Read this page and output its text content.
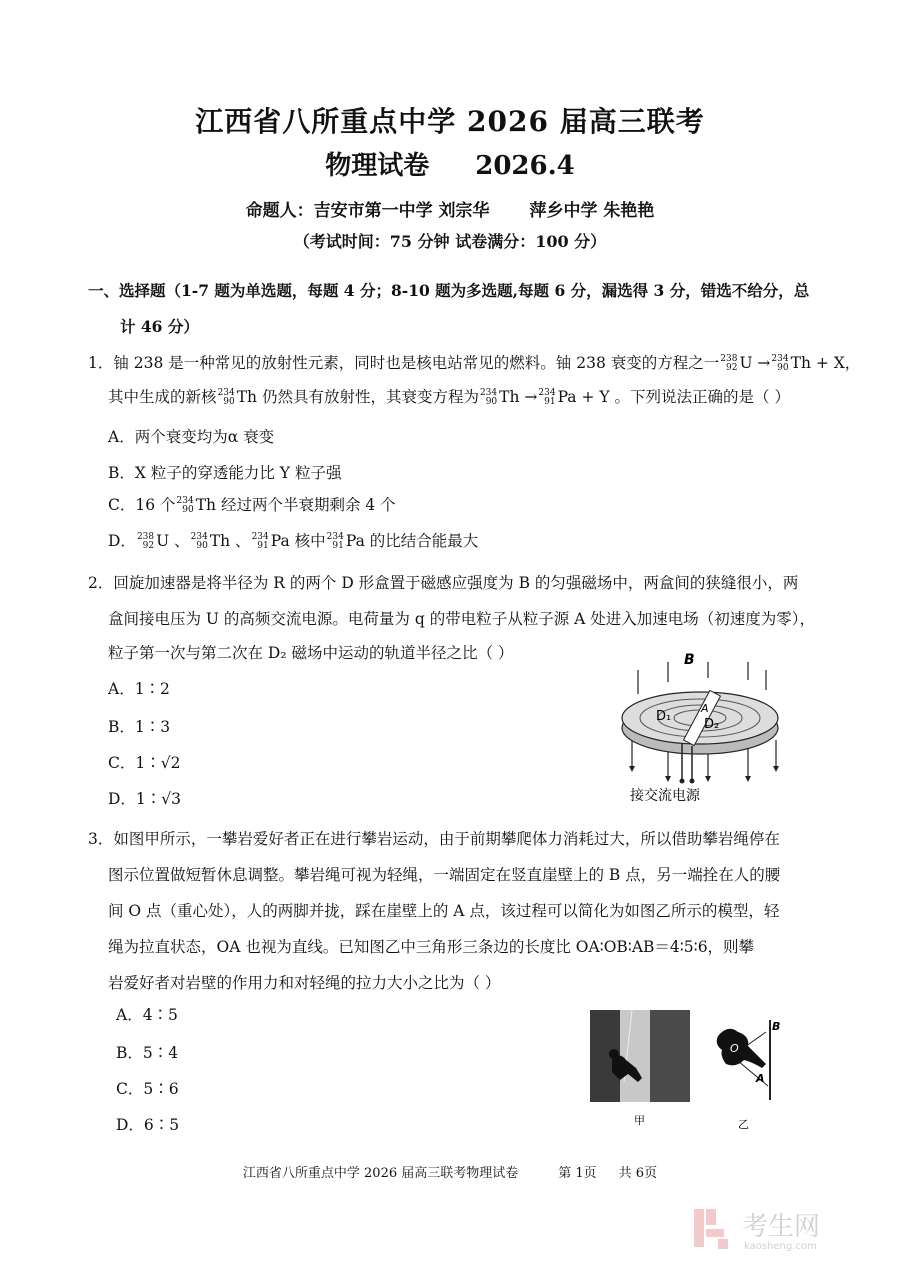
江西省八所重点中学 2026 届高三联考
物理试卷 2026.4
命题人：吉安市第一中学 刘宗华 萍乡中学 朱艳艳
（考试时间：75 分钟 试卷满分：100 分）
一、选择题（1-7 题为单选题，每题 4 分；8-10 题为多选题,每题 6 分，漏选得 3 分，错选不给分，总
计 46 分）
1．铀 238 是一种常见的放射性元素，同时也是核电站常见的燃料。铀 238 衰变的方程之一 238
92 U → 234
90 Th + X，
其中生成的新核 234
90 Th 仍然具有放射性，其衰变方程为 234
90 Th → 234
91 Pa + Y 。下列说法正确的是（ ）
A．两个衰变均为α 衰变
B．X 粒子的穿透能力比 Y 粒子强
C．16 个 234
90 Th 经过两个半衰期剩余 4 个
D． 238
92 U 、 234
90 Th 、 234
91 Pa 核中 234
91 Pa 的比结合能最大
2．回旋加速器是将半径为 R 的两个 D 形盒置于磁感应强度为 B 的匀强磁场中，两盒间的狭缝很小，两
盒间接电压为 U 的高频交流电源。电荷量为 q 的带电粒子从粒子源 A 处进入加速电场（初速度为零），
粒子第一次与第二次在 D₂ 磁场中运动的轨道半径之比（ ）
A．1∶2
B．1∶3
C．1∶√2
D．1∶√3
B
A
D₁
D₂
接交流电源
3．如图甲所示，一攀岩爱好者正在进行攀岩运动，由于前期攀爬体力消耗过大，所以借助攀岩绳停在
图示位置做短暂休息调整。攀岩绳可视为轻绳，一端固定在竖直崖壁上的 B 点，另一端拴在人的腰
间 O 点（重心处），人的两脚并拢，踩在崖壁上的 A 点，该过程可以简化为如图乙所示的模型，轻
绳为拉直状态，OA 也视为直线。已知图乙中三角形三条边的长度比 OA∶OB∶AB＝4∶5∶6，则攀
岩爱好者对岩壁的作用力和对轻绳的拉力大小之比为（ ）
A．4∶5
B．5∶4
C．5∶6
D．6∶5	甲
B
O
A
乙
江西省八所重点中学 2026 届高三联考物理试卷	第 1页 共 6页
考生网
kaosheng.com
